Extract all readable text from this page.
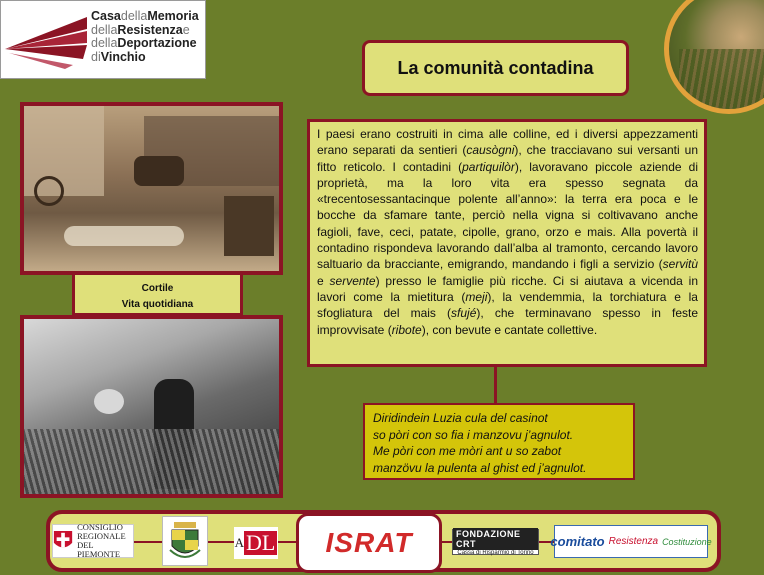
CasadellaMemoria
dellaResistenzae
dellaDeportazione
diVinchio
La comunità contadina
Cortile
Vita quotidiana
I paesi erano costruiti in cima alle colline, ed i diversi appezzamenti erano separati da sentieri (causògni), che tracciavano sui versanti un fitto reticolo. I contadini (partiquilòr), lavoravano piccole aziende di proprietà, ma la loro vita era spesso segnata da «trecentosessantacinque polente all’anno»: la terra era poca e le bocche da sfamare tante, perciò nella vigna si coltivavano anche fagioli, fave, ceci, patate, cipolle, grano, orzo e mais. Alla povertà il contadino rispondeva lavorando dall’alba al tramonto, cercando lavoro saltuario da bracciante, emigrando, mandando i figli a servizio (servitù e servente) presso le famiglie più ricche. Ci si aiutava a vicenda in lavori come la mietitura (meji), la vendemmia, la torchiatura e la sfogliatura del mais (sfujé), che terminavano spesso in feste improvvisate (ribote), con bevute e cantate collettive.
Diridindein Luzia cula del casinot
so pòri con so fia i manzovu j’agnulot.
Me pòri con me mòri ant u so zabot
manzövu la pulenta al ghist ed j’agnulot.
CONSIGLIO
REGIONALE
DEL PIEMONTE
A DL	ISRAT	FONDAZIONE CRT
Cassa di Risparmio di Torino
comitato Resistenza Costituzione
